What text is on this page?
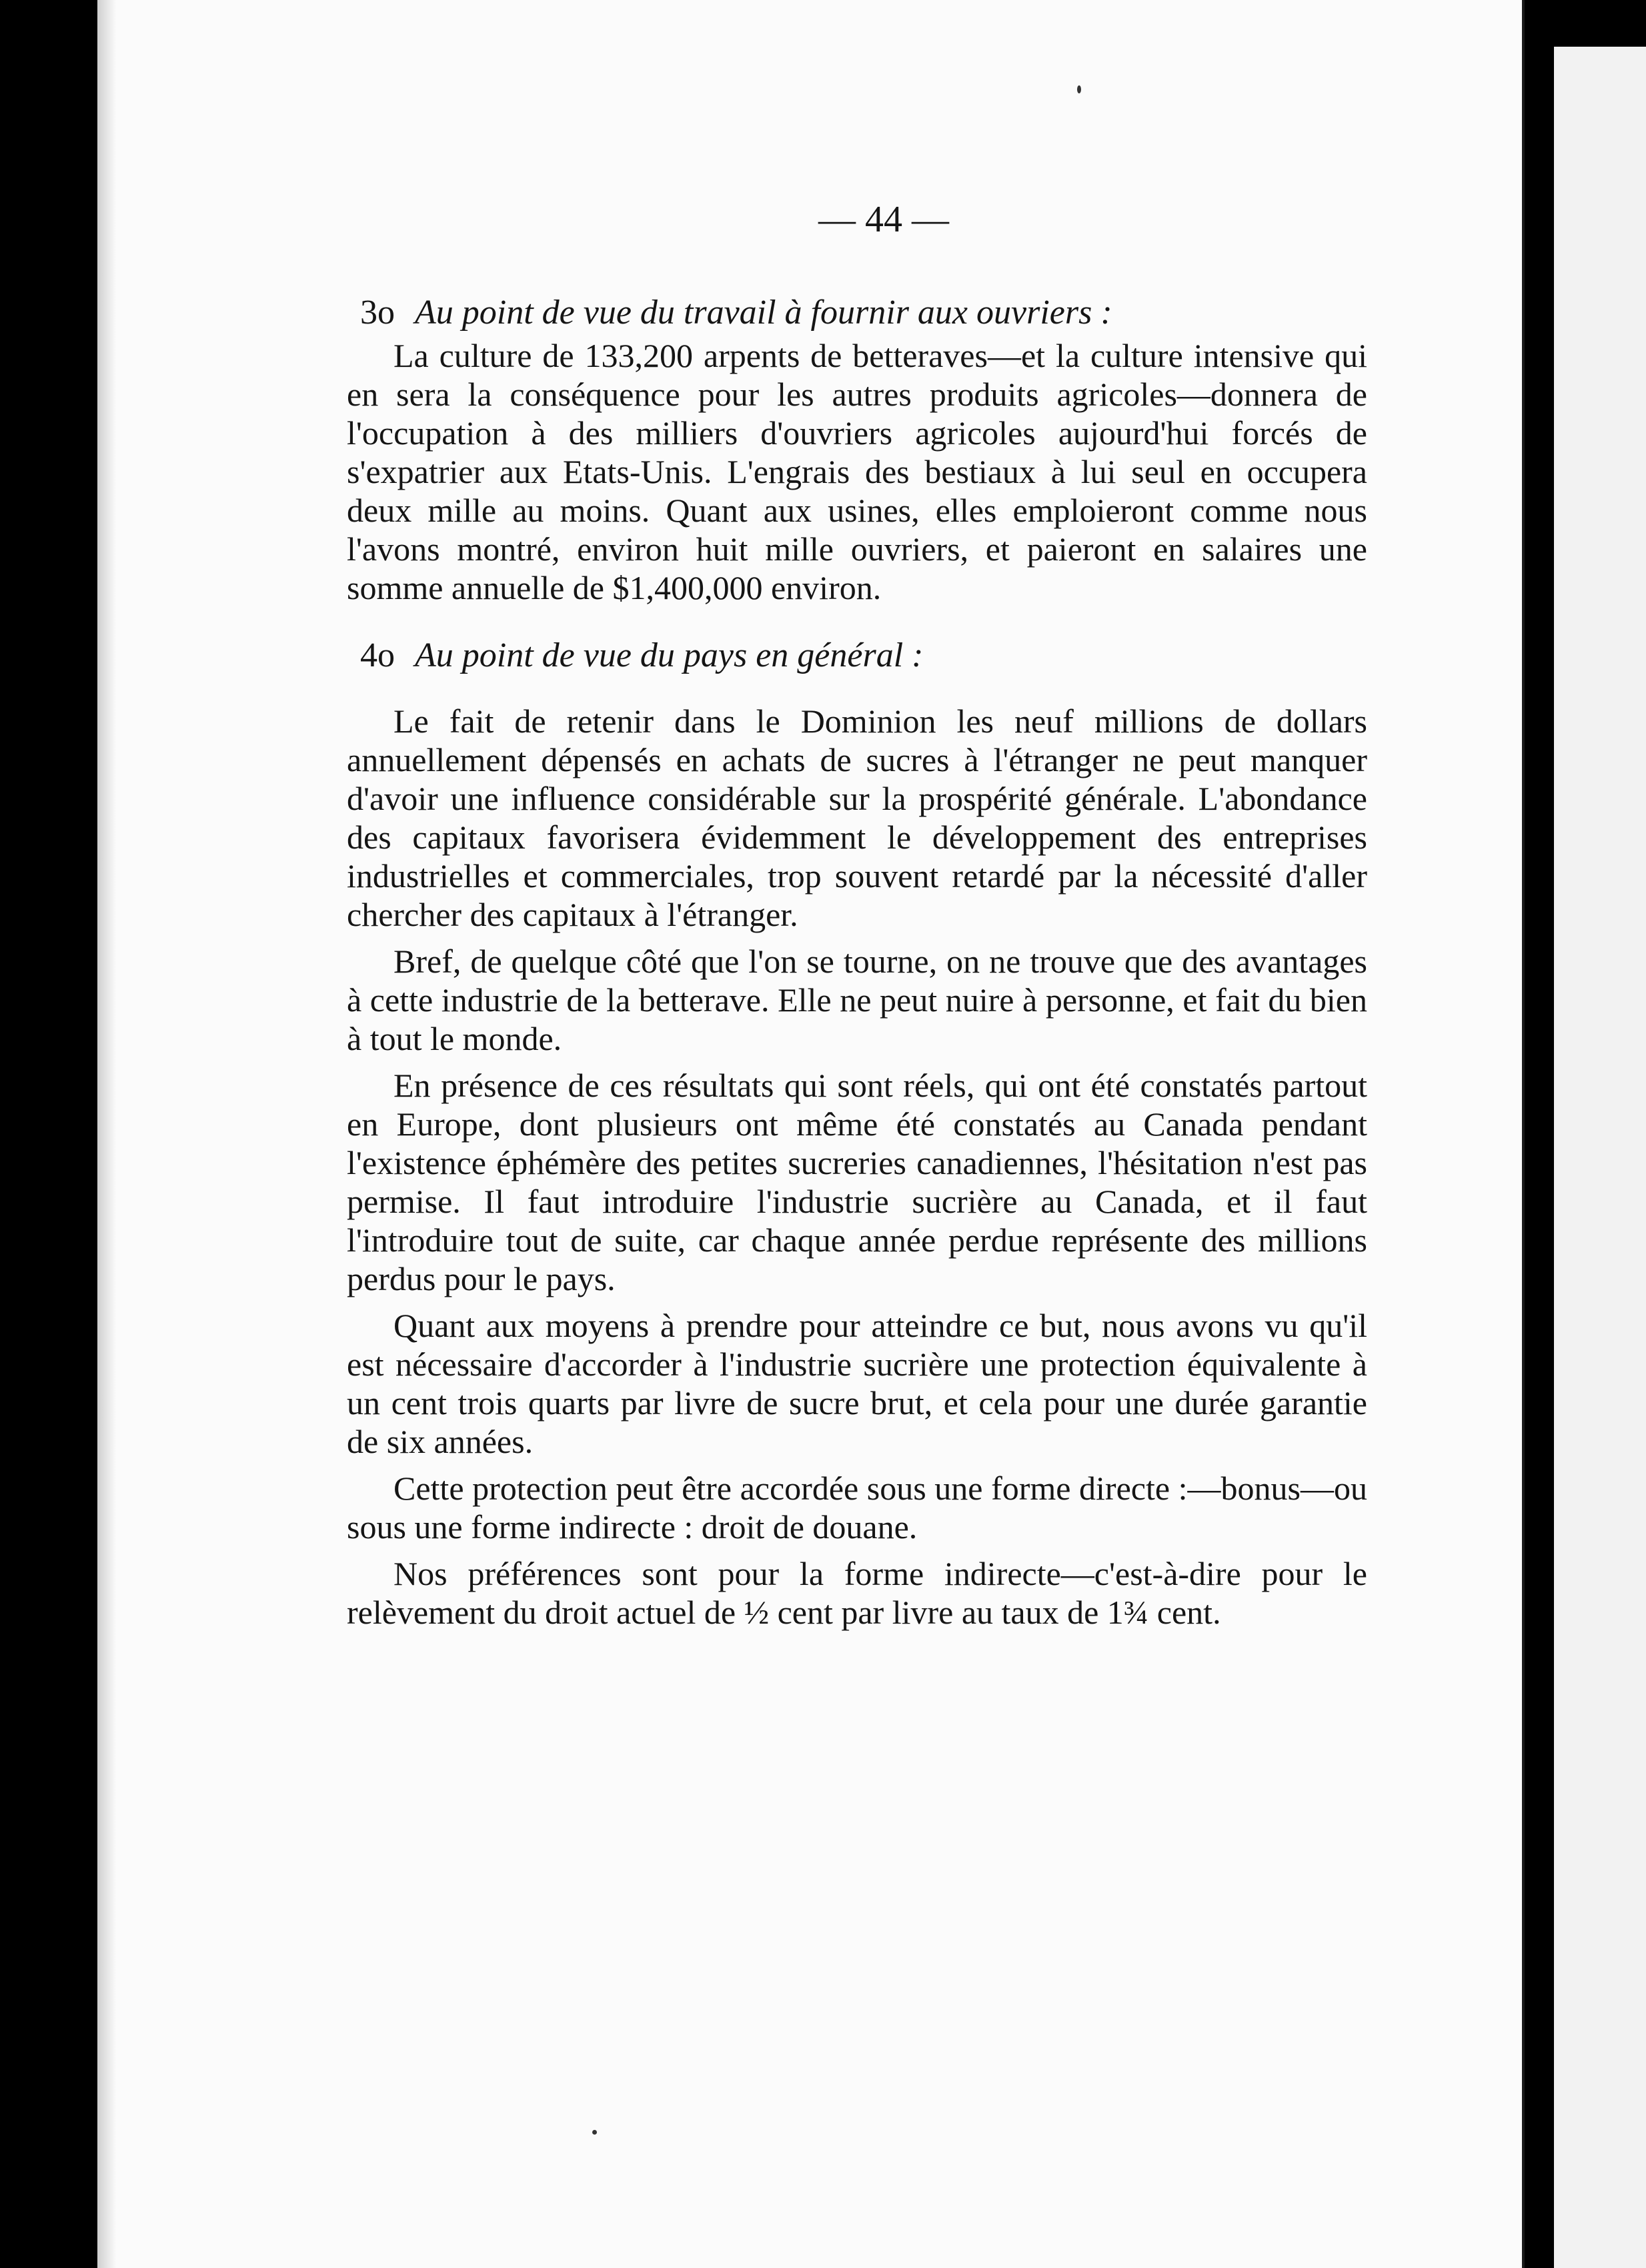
— 44 —
3o Au point de vue du travail à fournir aux ouvriers :

La culture de 133,200 arpents de betteraves—et la culture intensive qui en sera la conséquence pour les autres produits agricoles—donnera de l'occupation à des milliers d'ouvriers agricoles aujourd'hui forcés de s'expatrier aux Etats-Unis. L'engrais des bestiaux à lui seul en occupera deux mille au moins. Quant aux usines, elles emploieront comme nous l'avons montré, environ huit mille ouvriers, et paieront en salaires une somme annuelle de $1,400,000 environ.

4o Au point de vue du pays en général :

Le fait de retenir dans le Dominion les neuf millions de dollars annuellement dépensés en achats de sucres à l'étranger ne peut manquer d'avoir une influence considérable sur la prospérité générale. L'abondance des capitaux favorisera évidemment le développement des entreprises industrielles et commerciales, trop souvent retardé par la nécessité d'aller chercher des capitaux à l'étranger.

Bref, de quelque côté que l'on se tourne, on ne trouve que des avantages à cette industrie de la betterave. Elle ne peut nuire à personne, et fait du bien à tout le monde.

En présence de ces résultats qui sont réels, qui ont été constatés partout en Europe, dont plusieurs ont même été constatés au Canada pendant l'existence éphémère des petites sucreries canadiennes, l'hésitation n'est pas permise. Il faut introduire l'industrie sucrière au Canada, et il faut l'introduire tout de suite, car chaque année perdue représente des millions perdus pour le pays.

Quant aux moyens à prendre pour atteindre ce but, nous avons vu qu'il est nécessaire d'accorder à l'industrie sucrière une protection équivalente à un cent trois quarts par livre de sucre brut, et cela pour une durée garantie de six années.

Cette protection peut être accordée sous une forme directe :—bonus—ou sous une forme indirecte : droit de douane.

Nos préférences sont pour la forme indirecte—c'est-à-dire pour le relèvement du droit actuel de ½ cent par livre au taux de 1¾ cent.
